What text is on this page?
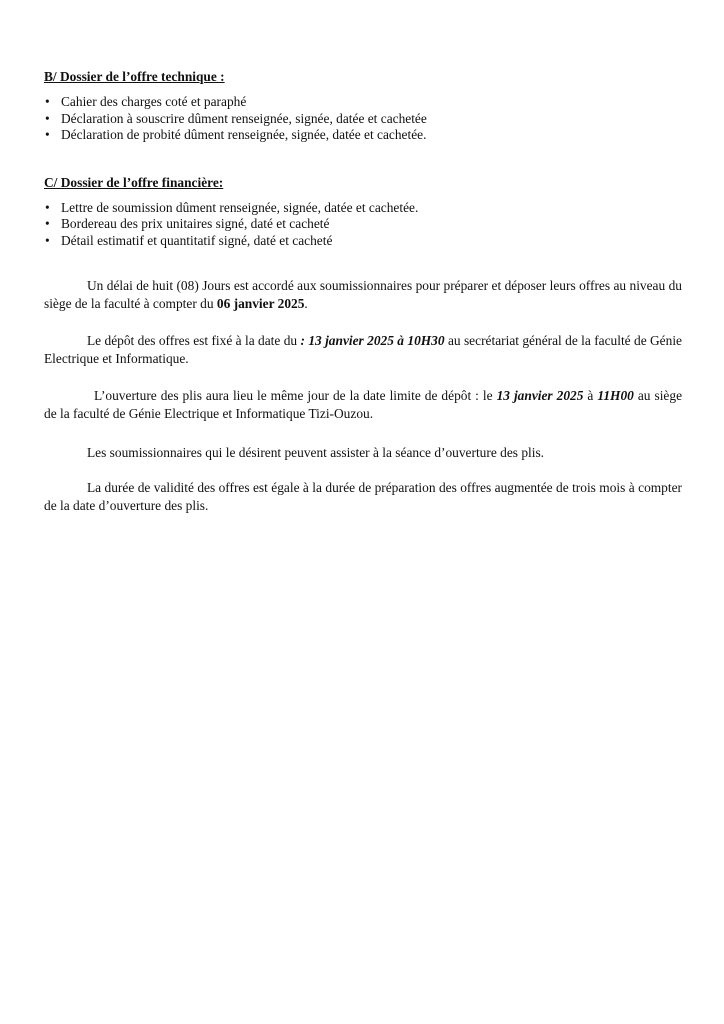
B/ Dossier de l’offre technique :

• Cahier des charges coté et paraphé
• Déclaration à souscrire dûment renseignée, signée, datée et cachetée
• Déclaration de probité dûment renseignée, signée, datée et cachetée.

C/ Dossier de l’offre financière:

• Lettre de soumission dûment renseignée, signée, datée et cachetée.
• Bordereau des prix unitaires signé, daté et cacheté
• Détail estimatif et quantitatif signé, daté et cacheté

Un délai de huit (08) Jours est accordé aux soumissionnaires pour préparer et déposer leurs offres au niveau du siège de la faculté à compter du 06 janvier 2025.

Le dépôt des offres est fixé à la date du : 13 janvier 2025 à 10H30 au secrétariat général de la faculté de Génie Electrique et Informatique.

L’ouverture des plis aura lieu le même jour de la date limite de dépôt : le 13 janvier 2025 à 11H00 au siège de la faculté de Génie Electrique et Informatique Tizi-Ouzou.

Les soumissionnaires qui le désirent peuvent assister à la séance d’ouverture des plis.

La durée de validité des offres est égale à la durée de préparation des offres augmentée de trois mois à compter de la date d’ouverture des plis.
